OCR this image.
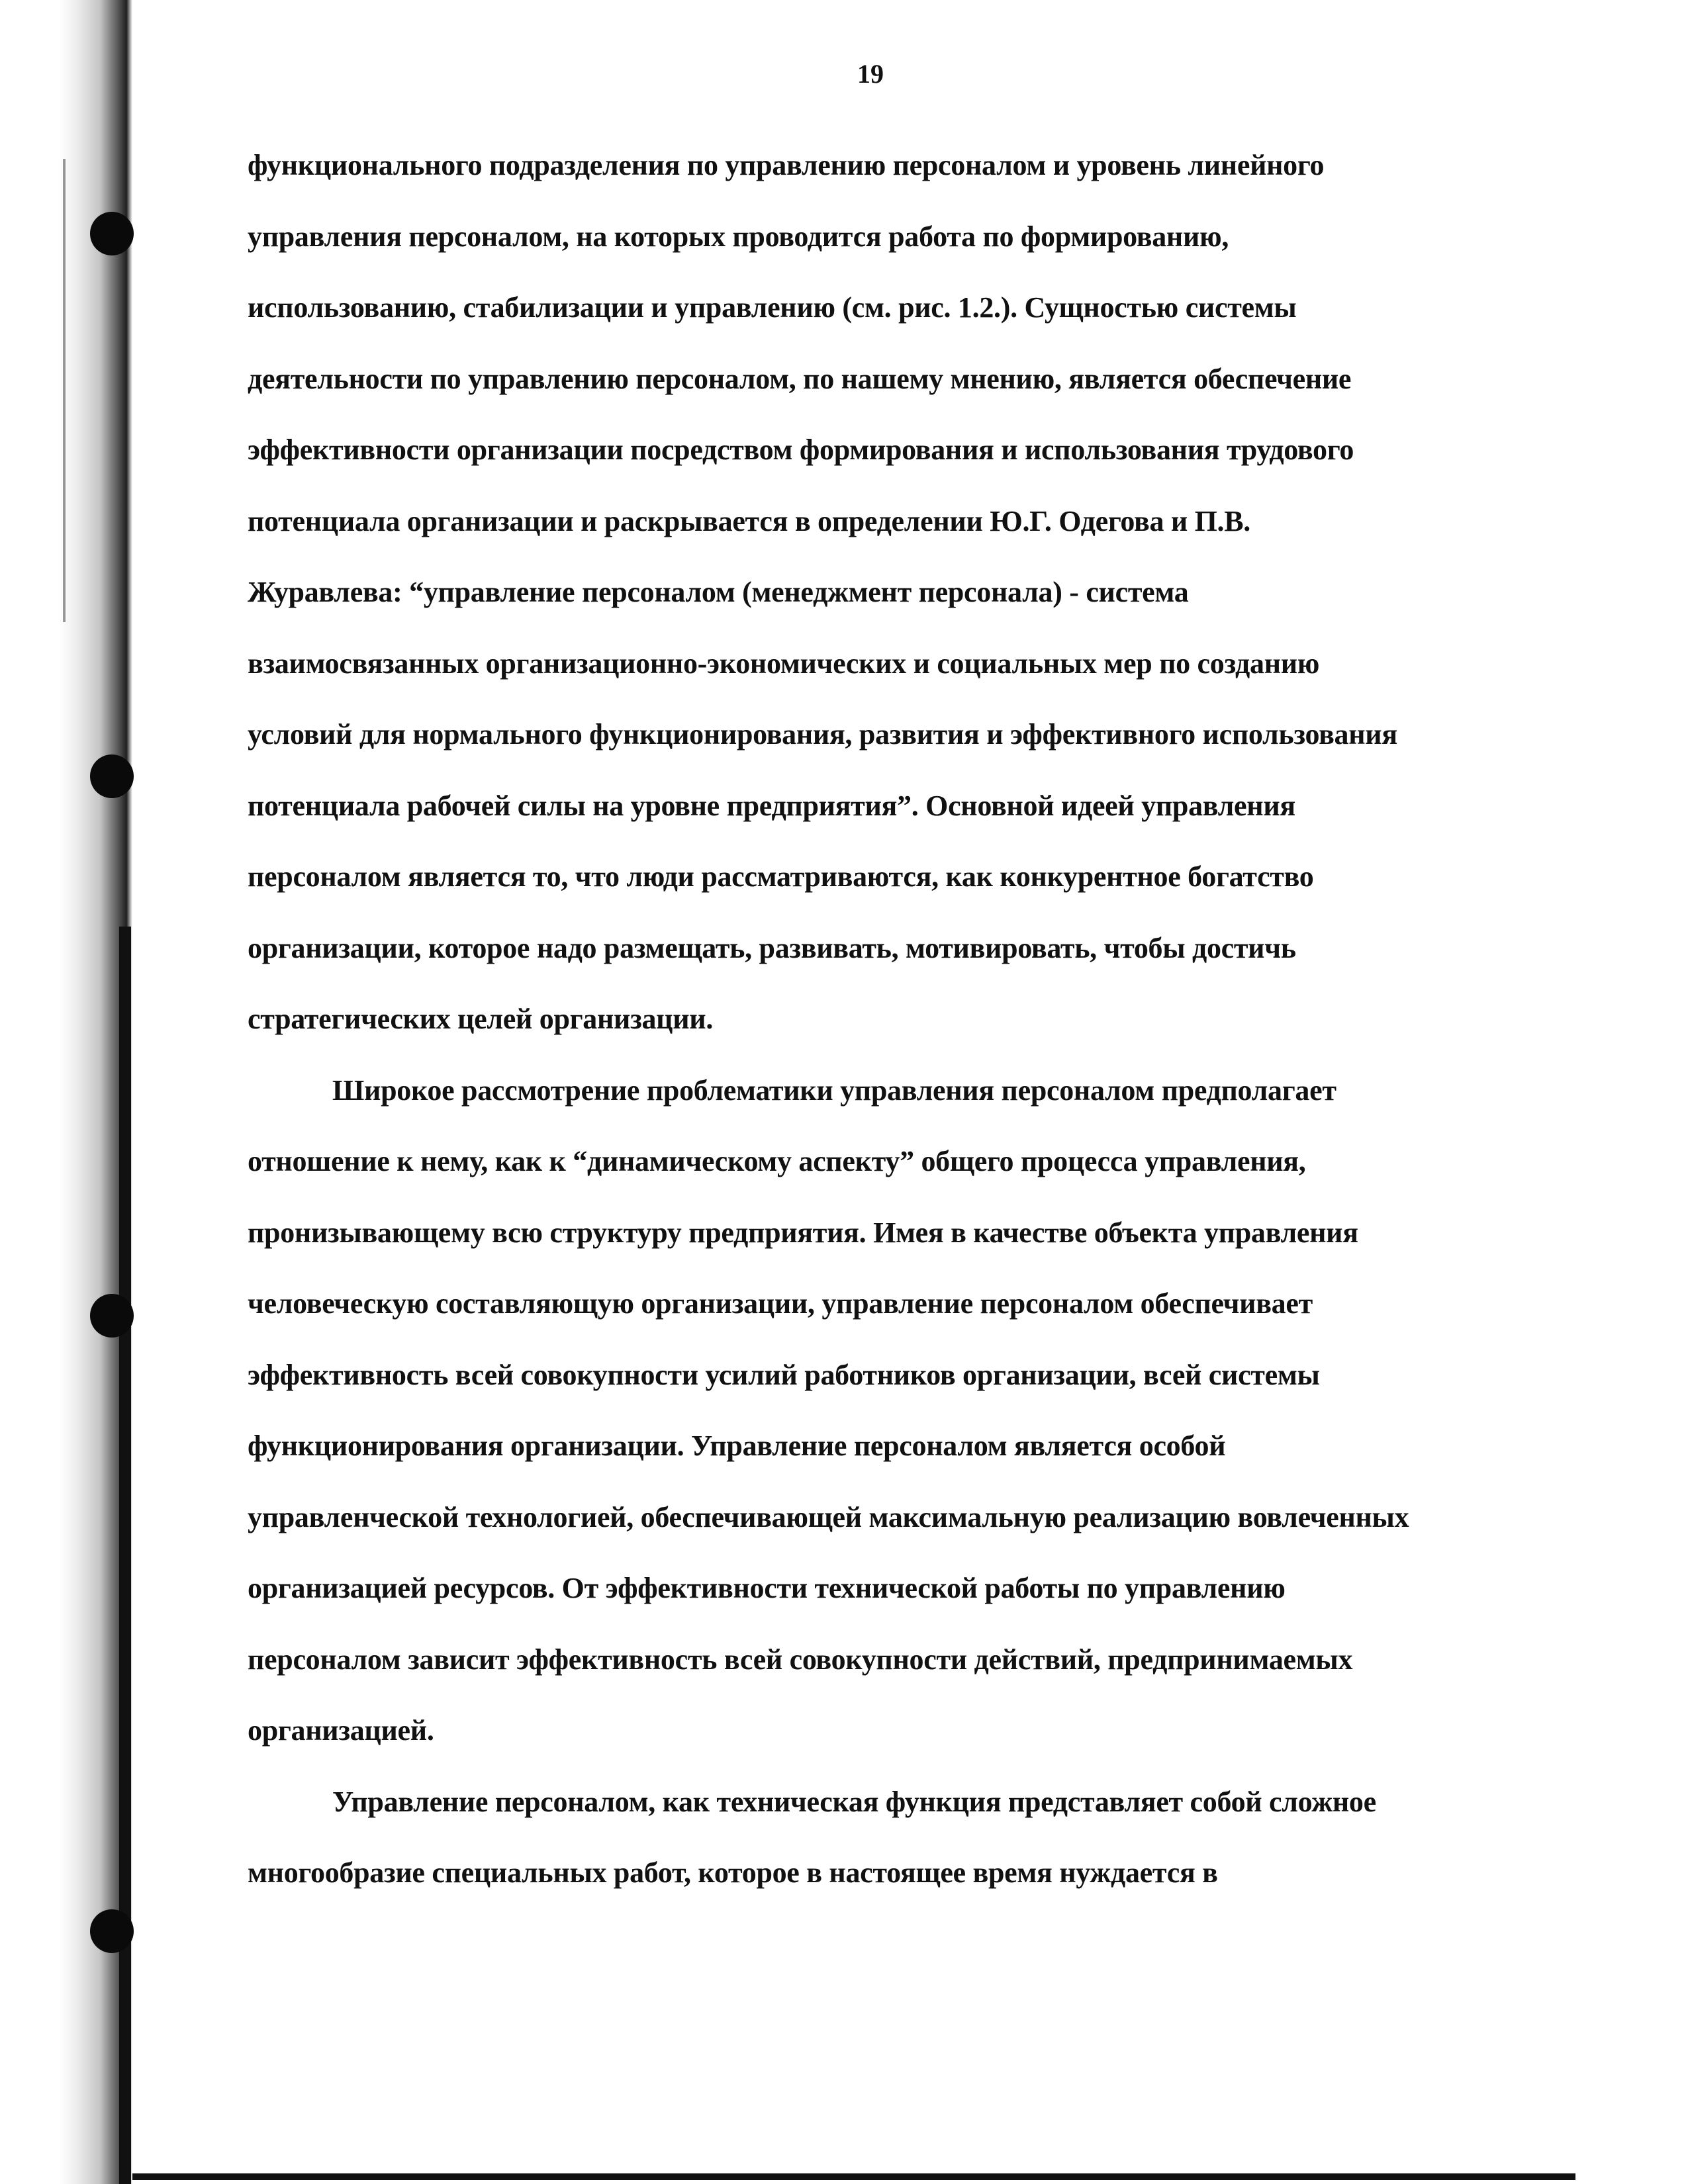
19
функционального подразделения по управлению персоналом и уровень линейного
управления персоналом, на которых проводится работа по формированию,
использованию, стабилизации и управлению (см. рис. 1.2.). Сущностью системы
деятельности по управлению персоналом, по нашему мнению, является обеспечение
эффективности организации посредством формирования и использования трудового
потенциала организации и раскрывается в определении Ю.Г. Одегова и П.В.
Журавлева: “управление персоналом (менеджмент персонала) - система
взаимосвязанных организационно-экономических и социальных мер по созданию
условий для нормального функционирования, развития и эффективного использования
потенциала рабочей силы на уровне предприятия”. Основной идеей управления
персоналом является то, что люди рассматриваются, как конкурентное богатство
организации, которое надо размещать, развивать, мотивировать, чтобы достичь
стратегических целей организации.
Широкое рассмотрение проблематики управления персоналом предполагает
отношение к нему, как к “динамическому аспекту” общего процесса управления,
пронизывающему всю структуру предприятия. Имея в качестве объекта управления
человеческую составляющую организации, управление персоналом обеспечивает
эффективность всей совокупности усилий работников организации, всей системы
функционирования организации. Управление персоналом является особой
управленческой технологией, обеспечивающей максимальную реализацию вовлеченных
организацией ресурсов. От эффективности технической работы по управлению
персоналом зависит эффективность всей совокупности действий, предпринимаемых
организацией.
Управление персоналом, как техническая функция представляет собой сложное
многообразие специальных работ, которое в настоящее время нуждается в
